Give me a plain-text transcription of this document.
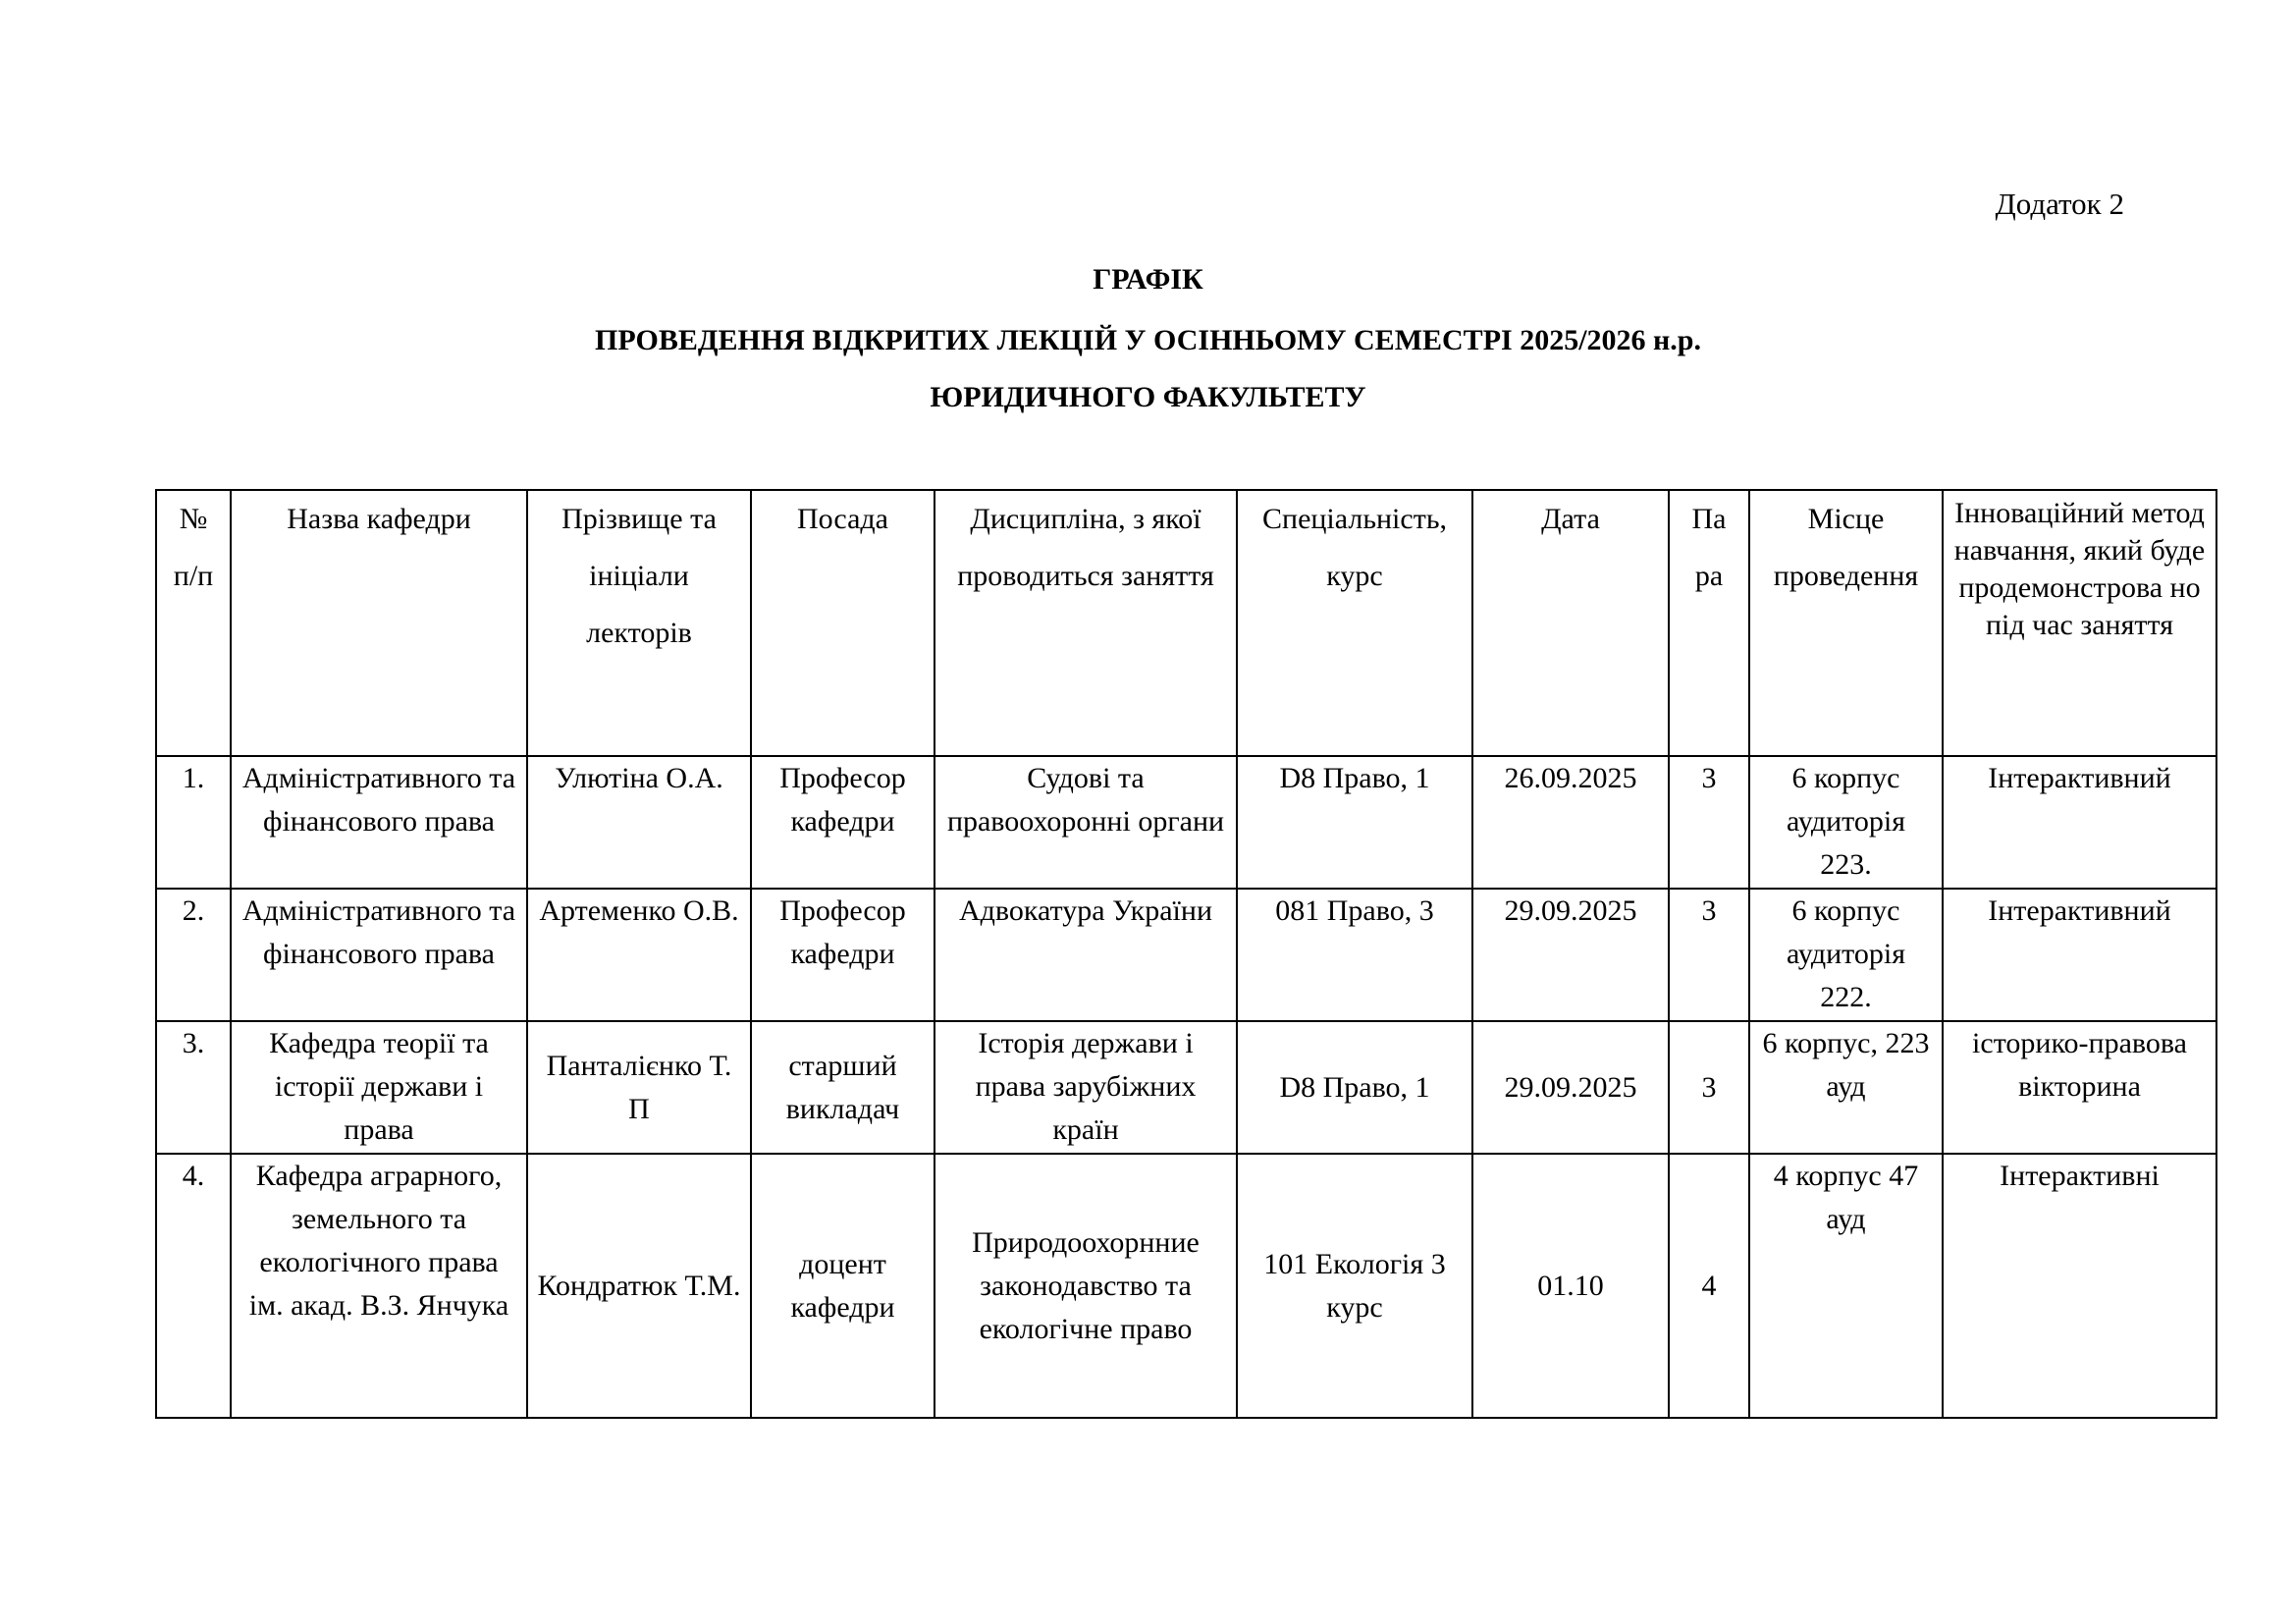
Додаток 2
ГРАФІК
ПРОВЕДЕННЯ ВІДКРИТИХ ЛЕКЦІЙ У ОСІННЬОМУ СЕМЕСТРІ 2025/2026 н.р.
ЮРИДИЧНОГО ФАКУЛЬТЕТУ
№ п/п	Назва кафедри	Прізвище та ініціали лекторів	Посада	Дисципліна, з якої проводиться заняття	Спеціальність, курс	Дата	Па ра	Місце проведення	Інноваційний метод навчання, який буде продемонстрова но під час заняття
1.	Адміністративного та фінансового права	Улютіна О.А.	Професор кафедри	Судові та правоохоронні органи	D8 Право, 1	26.09.2025	3	6 корпус аудиторія 223.	Інтерактивний
2.	Адміністративного та фінансового права	Артеменко О.В.	Професор кафедри	Адвокатура України	081 Право, 3	29.09.2025	3	6 корпус аудиторія 222.	Інтерактивний
3.	Кафедра теорії та історії держави і права	Панталієнко Т. П	старший викладач	Історія держави і права зарубіжних країн	D8 Право, 1	29.09.2025	3	6 корпус, 223 ауд	історико-правова вікторина
4.	Кафедра аграрного, земельного та екологічного права ім. акад. В.З. Янчука	Кондратюк Т.М.	доцент кафедри	Природоохорнние законодавство та екологічне право	101 Екологія 3 курс	01.10	4	4 корпус 47 ауд	Інтерактивні
